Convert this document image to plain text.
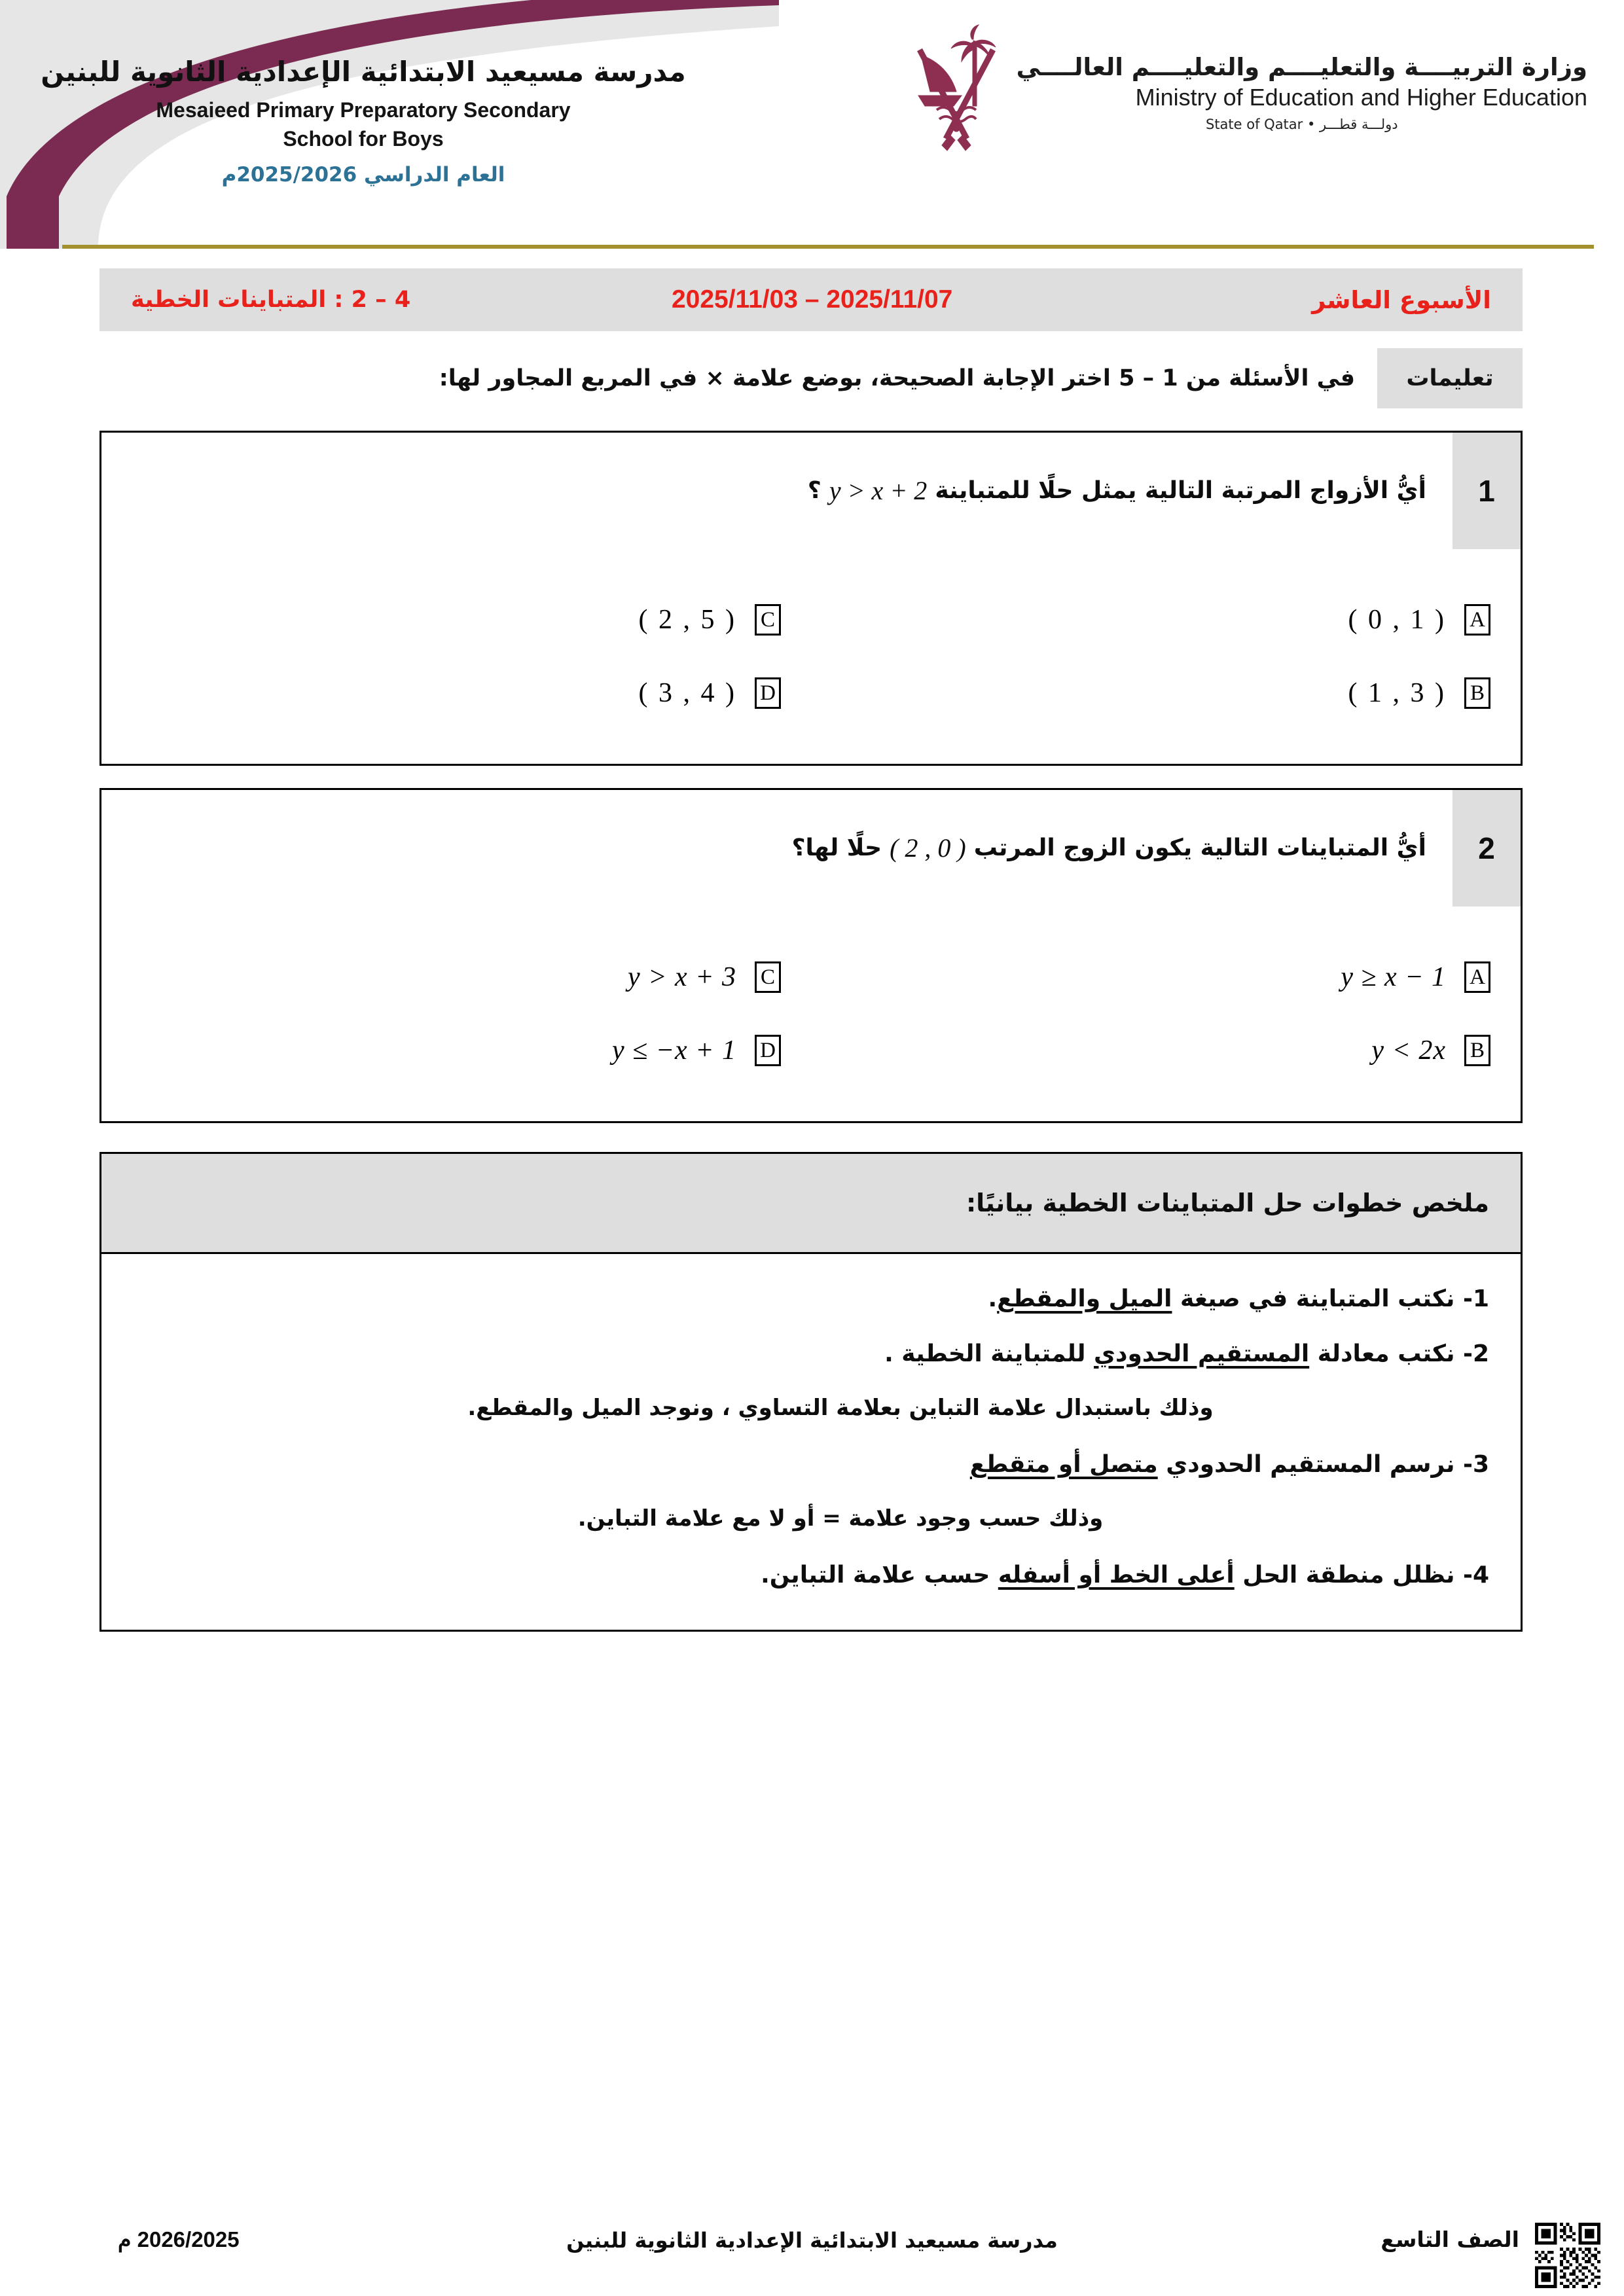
مدرسة مسيعيد الابتدائية الإعدادية الثانوية للبنين
Mesaieed Primary Preparatory Secondary
School for Boys
العام الدراسي 2025/2026م
وزارة التربيــــة والتعليــــم والتعليــــم العالــــي
Ministry of Education and Higher Education
دولـــة قطـــر • State of Qatar
الأسبوع العاشر
2025/11/03 – 2025/11/07
4 – 2 : المتباينات الخطية
تعليمات
في الأسئلة من 1 – 5 اختر الإجابة الصحيحة، بوضع علامة × في المربع المجاور لها:
1
أيُّ الأزواج المرتبة التالية يمثل حلًا للمتباينة
y > x + 2
؟
A
( 0 , 1 )
C
( 2 , 5 )
B
( 1 , 3 )
D
( 3 , 4 )
2
أيُّ المتباينات التالية يكون الزوج المرتب
( 2 , 0 )
حلًا لها؟
A
y ≥ x − 1
C
y > x + 3
B
y < 2x
D
y ≤ −x + 1
ملخص خطوات حل المتباينات الخطية بيانيًا:
1- نكتب المتباينة في صيغة الميل والمقطع.
2- نكتب معادلة المستقيم الحدودي للمتباينة الخطية .
وذلك باستبدال علامة التباين بعلامة التساوي ، ونوجد الميل والمقطع.
3- نرسم المستقيم الحدودي متصل أو متقطع
وذلك حسب وجود علامة = أو لا مع علامة التباين.
4- نظلل منطقة الحل أعلى الخط أو أسفله حسب علامة التباين.
الصف التاسع
مدرسة مسيعيد الابتدائية الإعدادية الثانوية للبنين
2026/2025 م
